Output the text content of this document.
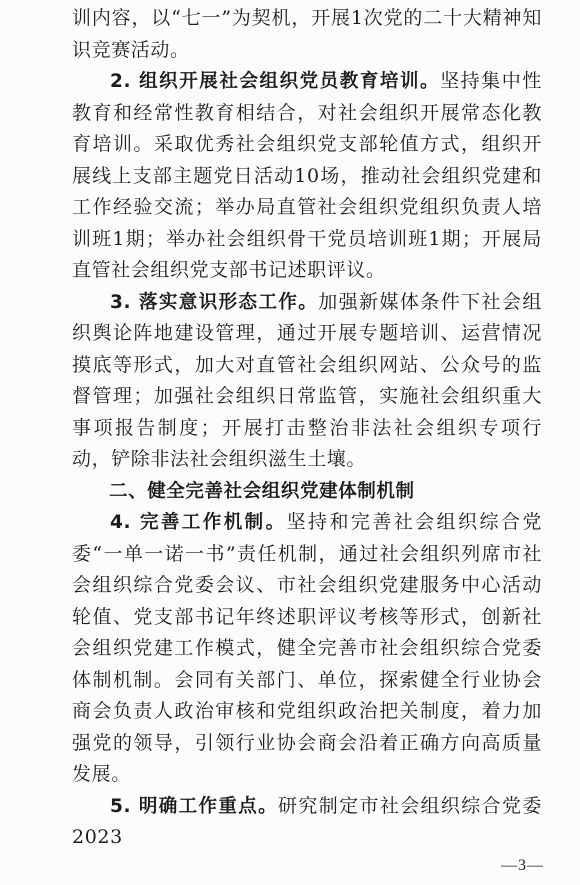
训内容，以“七一”为契机，开展1次党的二十大精神知识竞赛活动。

2. 组织开展社会组织党员教育培训。坚持集中性教育和经常性教育相结合，对社会组织开展常态化教育培训。采取优秀社会组织党支部轮值方式，组织开展线上支部主题党日活动10场，推动社会组织党建和工作经验交流；举办局直管社会组织党组织负责人培训班1期；举办社会组织骨干党员培训班1期；开展局直管社会组织党支部书记述职评议。

3. 落实意识形态工作。加强新媒体条件下社会组织舆论阵地建设管理，通过开展专题培训、运营情况摸底等形式，加大对直管社会组织网站、公众号的监督管理；加强社会组织日常监管，实施社会组织重大事项报告制度；开展打击整治非法社会组织专项行动，铲除非法社会组织滋生土壤。

二、健全完善社会组织党建体制机制

4. 完善工作机制。坚持和完善社会组织综合党委“一单一诺一书”责任机制，通过社会组织列席市社会组织综合党委会议、市社会组织党建服务中心活动轮值、党支部书记年终述职评议考核等形式，创新社会组织党建工作模式，健全完善市社会组织综合党委体制机制。会同有关部门、单位，探索健全行业协会商会负责人政治审核和党组织政治把关制度，着力加强党的领导，引领行业协会商会沿着正确方向高质量发展。

5. 明确工作重点。研究制定市社会组织综合党委 2023

—3—
